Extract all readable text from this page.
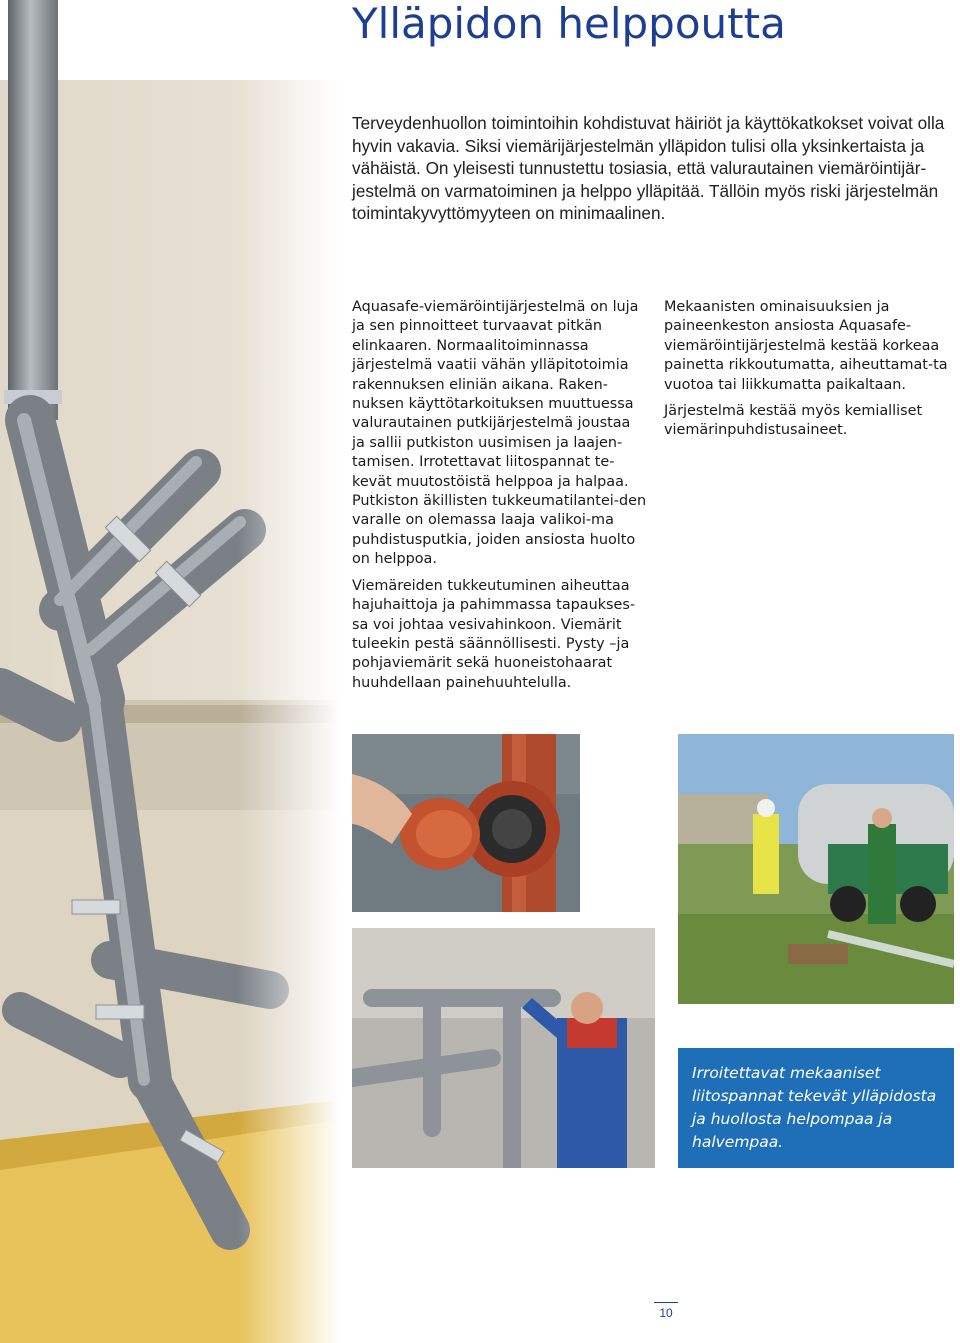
Ylläpidon helppoutta

Terveydenhuollon toimintoihin kohdistuvat häiriöt ja käyttökatkokset voivat olla hyvin vakavia. Siksi viemärijärjestelmän ylläpidon tulisi olla yksinkertaista ja vähäistä. On yleisesti tunnustettu tosiasia, että valurautainen viemäröintijär-jestelmä on varmatoiminen ja helppo ylläpitää. Tällöin myös riski järjestelmän toimintakyvyttömyyteen on minimaalinen.

Aquasafe-viemäröintijärjestelmä on luja ja sen pinnoitteet turvaavat pitkän elinkaaren. Normaalitoiminnassa järjestelmä vaatii vähän ylläpitotoimia rakennuksen eliniän aikana. Raken-nuksen käyttötarkoituksen muuttuessa valurautainen putkijärjestelmä joustaa ja sallii putkiston uusimisen ja laajen-tamisen. Irrotettavat liitospannat te-kevät muutostöistä helppoa ja halpaa. Putkiston äkillisten tukkeumatilantei-den varalle on olemassa laaja valikoi-ma puhdistusputkia, joiden ansiosta huolto on helppoa.

Viemäreiden tukkeutuminen aiheuttaa hajuhaittoja ja pahimmassa tapaukses-sa voi johtaa vesivahinkoon. Viemärit tuleekin pestä säännöllisesti. Pysty –ja pohjaviemärit sekä huoneistohaarat huuhdellaan painehuuhtelulla.

Mekaanisten ominaisuuksien ja paineenkeston ansiosta Aquasafe-viemäröintijärjestelmä kestää korkeaa painetta rikkoutumatta, aiheuttamat-ta vuotoa tai liikkumatta paikaltaan.

Järjestelmä kestää myös kemialliset viemärinpuhdistusaineet.

Irroitettavat mekaaniset liitospannat tekevät ylläpidosta ja huollosta helpompaa ja halvempaa.
10
